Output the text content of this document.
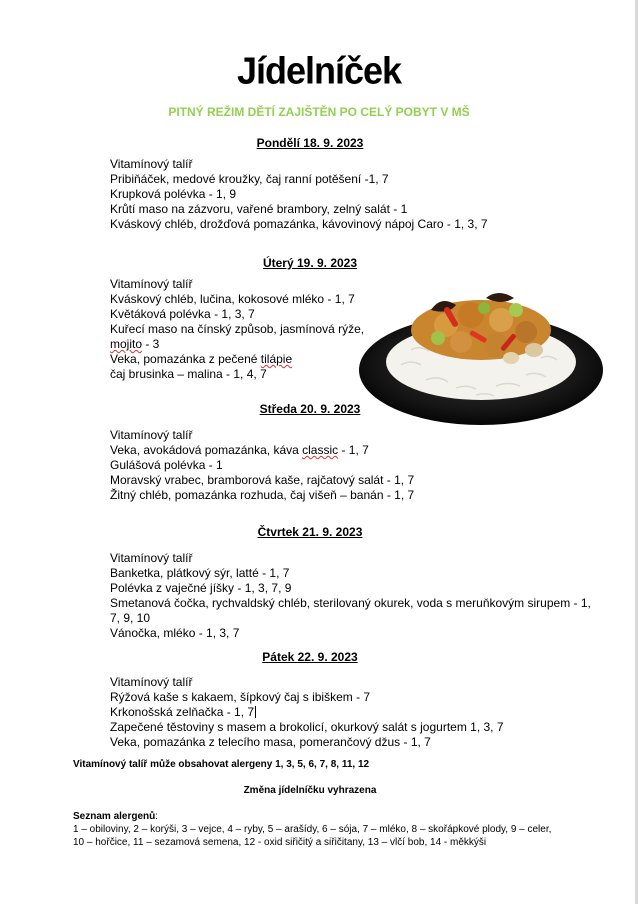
Jídelníček
PITNÝ REŽIM DĚTÍ ZAJIŠTĚN PO CELÝ POBYT V MŠ
Pondělí 18. 9. 2023
Vitamínový talíř
Pribiňáček, medové kroužky, čaj ranní potěšení -1, 7
Krupková polévka - 1, 9
Krůtí maso na zázvoru, vařené brambory, zelný salát - 1
Kváskový chléb, drožďová pomazánka, kávovinový nápoj Caro - 1, 3, 7
Úterý 19. 9. 2023
Vitamínový talíř
Kváskový chléb, lučina, kokosové mléko - 1, 7
Květáková polévka - 1, 3, 7
Kuřecí maso na čínský způsob, jasmínová rýže,
mojito - 3
Veka, pomazánka z pečené tilápie
čaj brusinka – malina - 1, 4, 7
Středa 20. 9. 2023
Vitamínový talíř
Veka, avokádová pomazánka, káva classic - 1, 7
Gulášová polévka - 1
Moravský vrabec, bramborová kaše, rajčatový salát - 1, 7
Žitný chléb, pomazánka rozhuda, čaj višeň – banán - 1, 7
Čtvrtek 21. 9. 2023
Vitamínový talíř
Banketka, plátkový sýr, latté - 1, 7
Polévka z vaječné jíšky - 1, 3, 7, 9
Smetanová čočka, rychvaldský chléb, sterilovaný okurek, voda s meruňkovým sirupem - 1,
7, 9, 10
Vánočka, mléko - 1, 3, 7
Pátek 22. 9. 2023
Vitamínový talíř
Rýžová kaše s kakaem, šípkový čaj s ibiškem - 7
Krkonošská zelňačka - 1, 7
Zapečené těstoviny s masem a brokolicí, okurkový salát s jogurtem 1, 3, 7
Veka, pomazánka z telecího masa, pomerančový džus - 1, 7
Vitamínový talíř může obsahovat alergeny 1, 3, 5, 6, 7, 8, 11, 12
Změna jídelníčku vyhrazena
Seznam alergenů:
1 – obiloviny, 2 – korýši, 3 – vejce, 4 – ryby, 5 – arašídy, 6 – sója, 7 – mléko, 8 – skořápkové plody, 9 – celer,
10 – hořčice, 11 – sezamová semena, 12 - oxid siřičitý a siřičitany, 13 – vlčí bob, 14 - měkkýši
